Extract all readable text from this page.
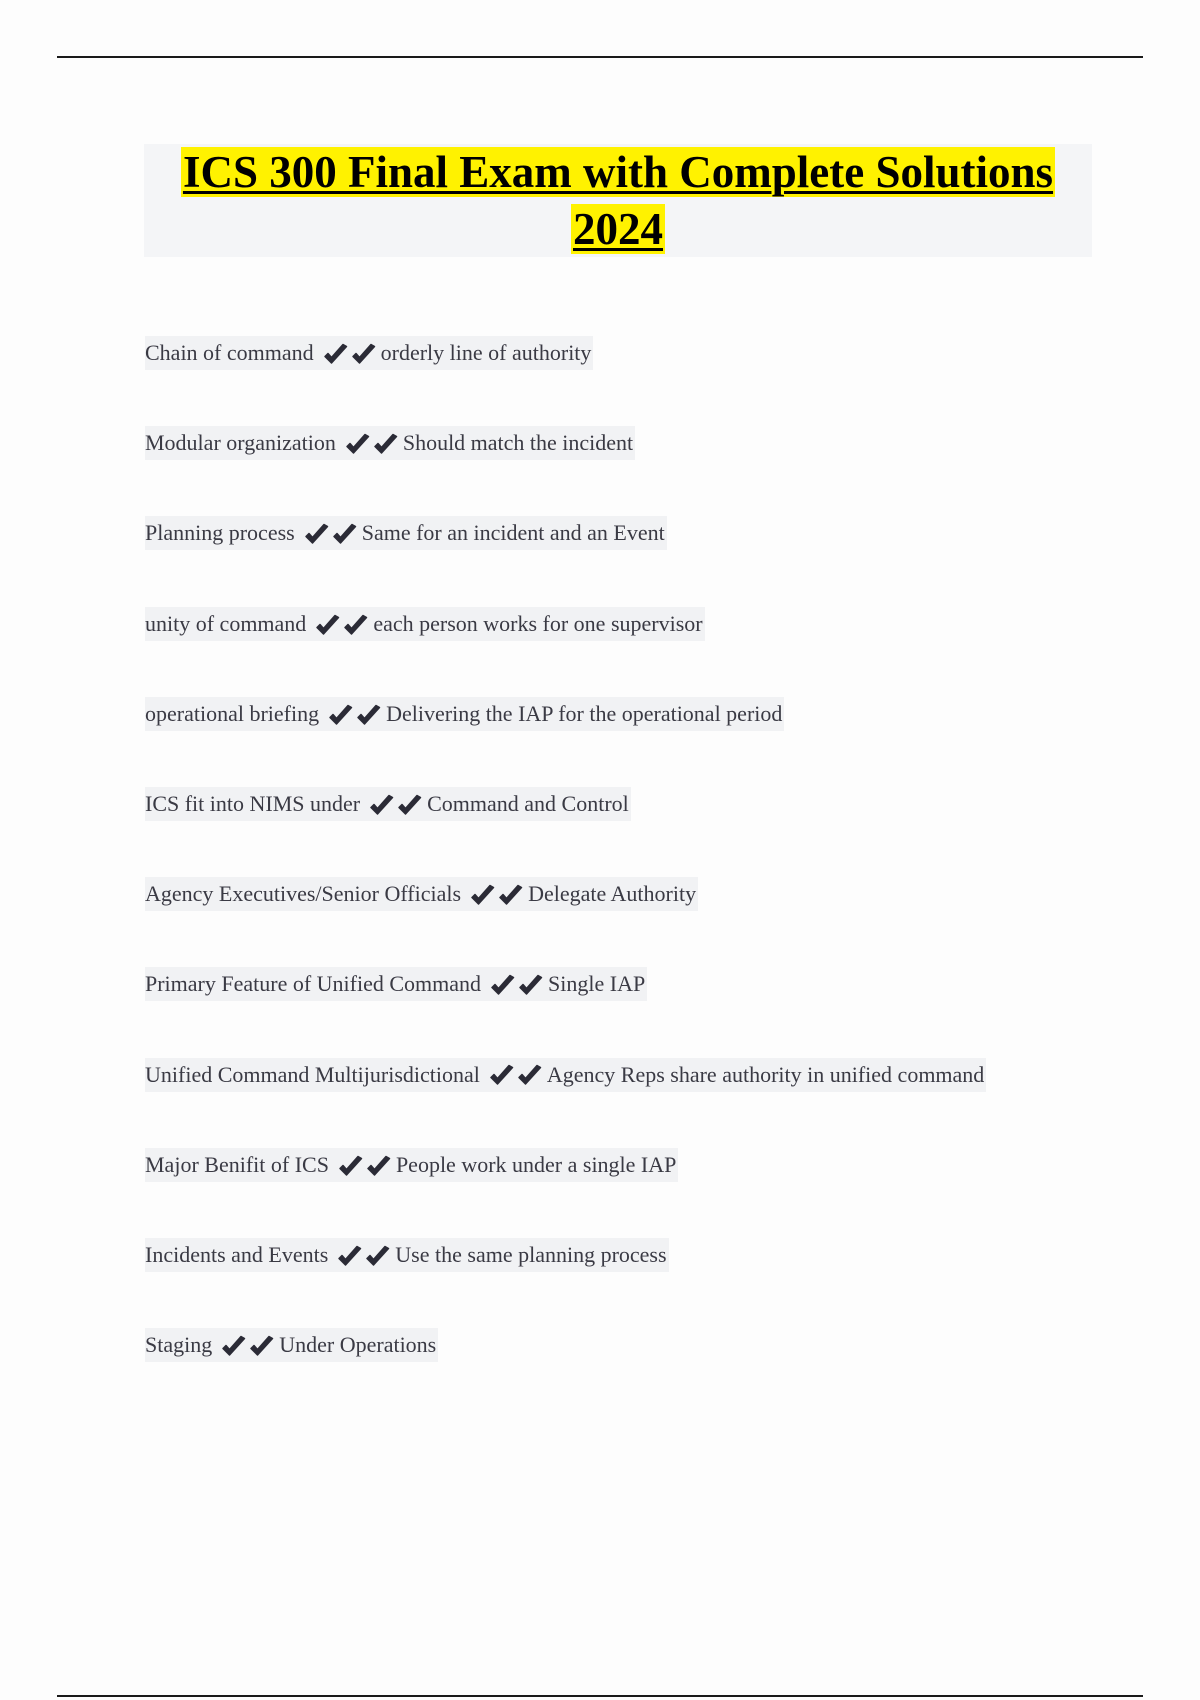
ICS 300 Final Exam with Complete Solutions
2024
Chain of command	orderly line of authority
Modular organization	Should match the incident
Planning process	Same for an incident and an Event
unity of command	each person works for one supervisor
operational briefing	Delivering the IAP for the operational period
ICS fit into NIMS under	Command and Control
Agency Executives/Senior Officials	Delegate Authority
Primary Feature of Unified Command	Single IAP
Unified Command Multijurisdictional	Agency Reps share authority in unified command
Major Benifit of ICS	People work under a single IAP
Incidents and Events	Use the same planning process
Staging	Under Operations
